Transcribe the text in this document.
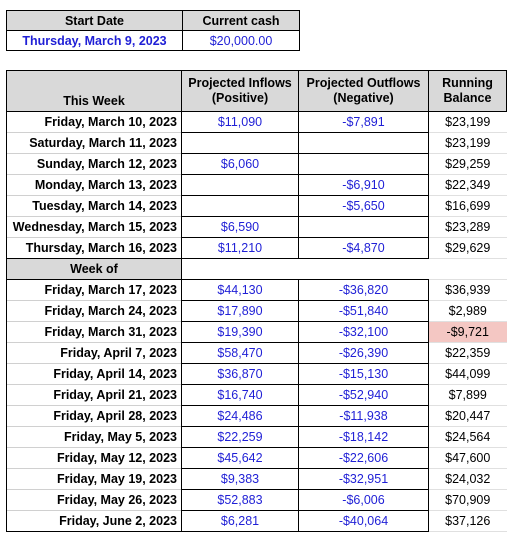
Start Date	Current cash
Thursday, March 9, 2023	$20,000.00
This Week	Projected Inflows (Positive)	Projected Outflows (Negative)	Running Balance
Friday, March 10, 2023	$11,090	-$7,891	$23,199
Saturday, March 11, 2023			$23,199
Sunday, March 12, 2023	$6,060		$29,259
Monday, March 13, 2023		-$6,910	$22,349
Tuesday, March 14, 2023		-$5,650	$16,699
Wednesday, March 15, 2023	$6,590		$23,289
Thursday, March 16, 2023	$11,210	-$4,870	$29,629
Week of			
Friday, March 17, 2023	$44,130	-$36,820	$36,939
Friday, March 24, 2023	$17,890	-$51,840	$2,989
Friday, March 31, 2023	$19,390	-$32,100	-$9,721
Friday, April 7, 2023	$58,470	-$26,390	$22,359
Friday, April 14, 2023	$36,870	-$15,130	$44,099
Friday, April 21, 2023	$16,740	-$52,940	$7,899
Friday, April 28, 2023	$24,486	-$11,938	$20,447
Friday, May 5, 2023	$22,259	-$18,142	$24,564
Friday, May 12, 2023	$45,642	-$22,606	$47,600
Friday, May 19, 2023	$9,383	-$32,951	$24,032
Friday, May 26, 2023	$52,883	-$6,006	$70,909
Friday, June 2, 2023	$6,281	-$40,064	$37,126
